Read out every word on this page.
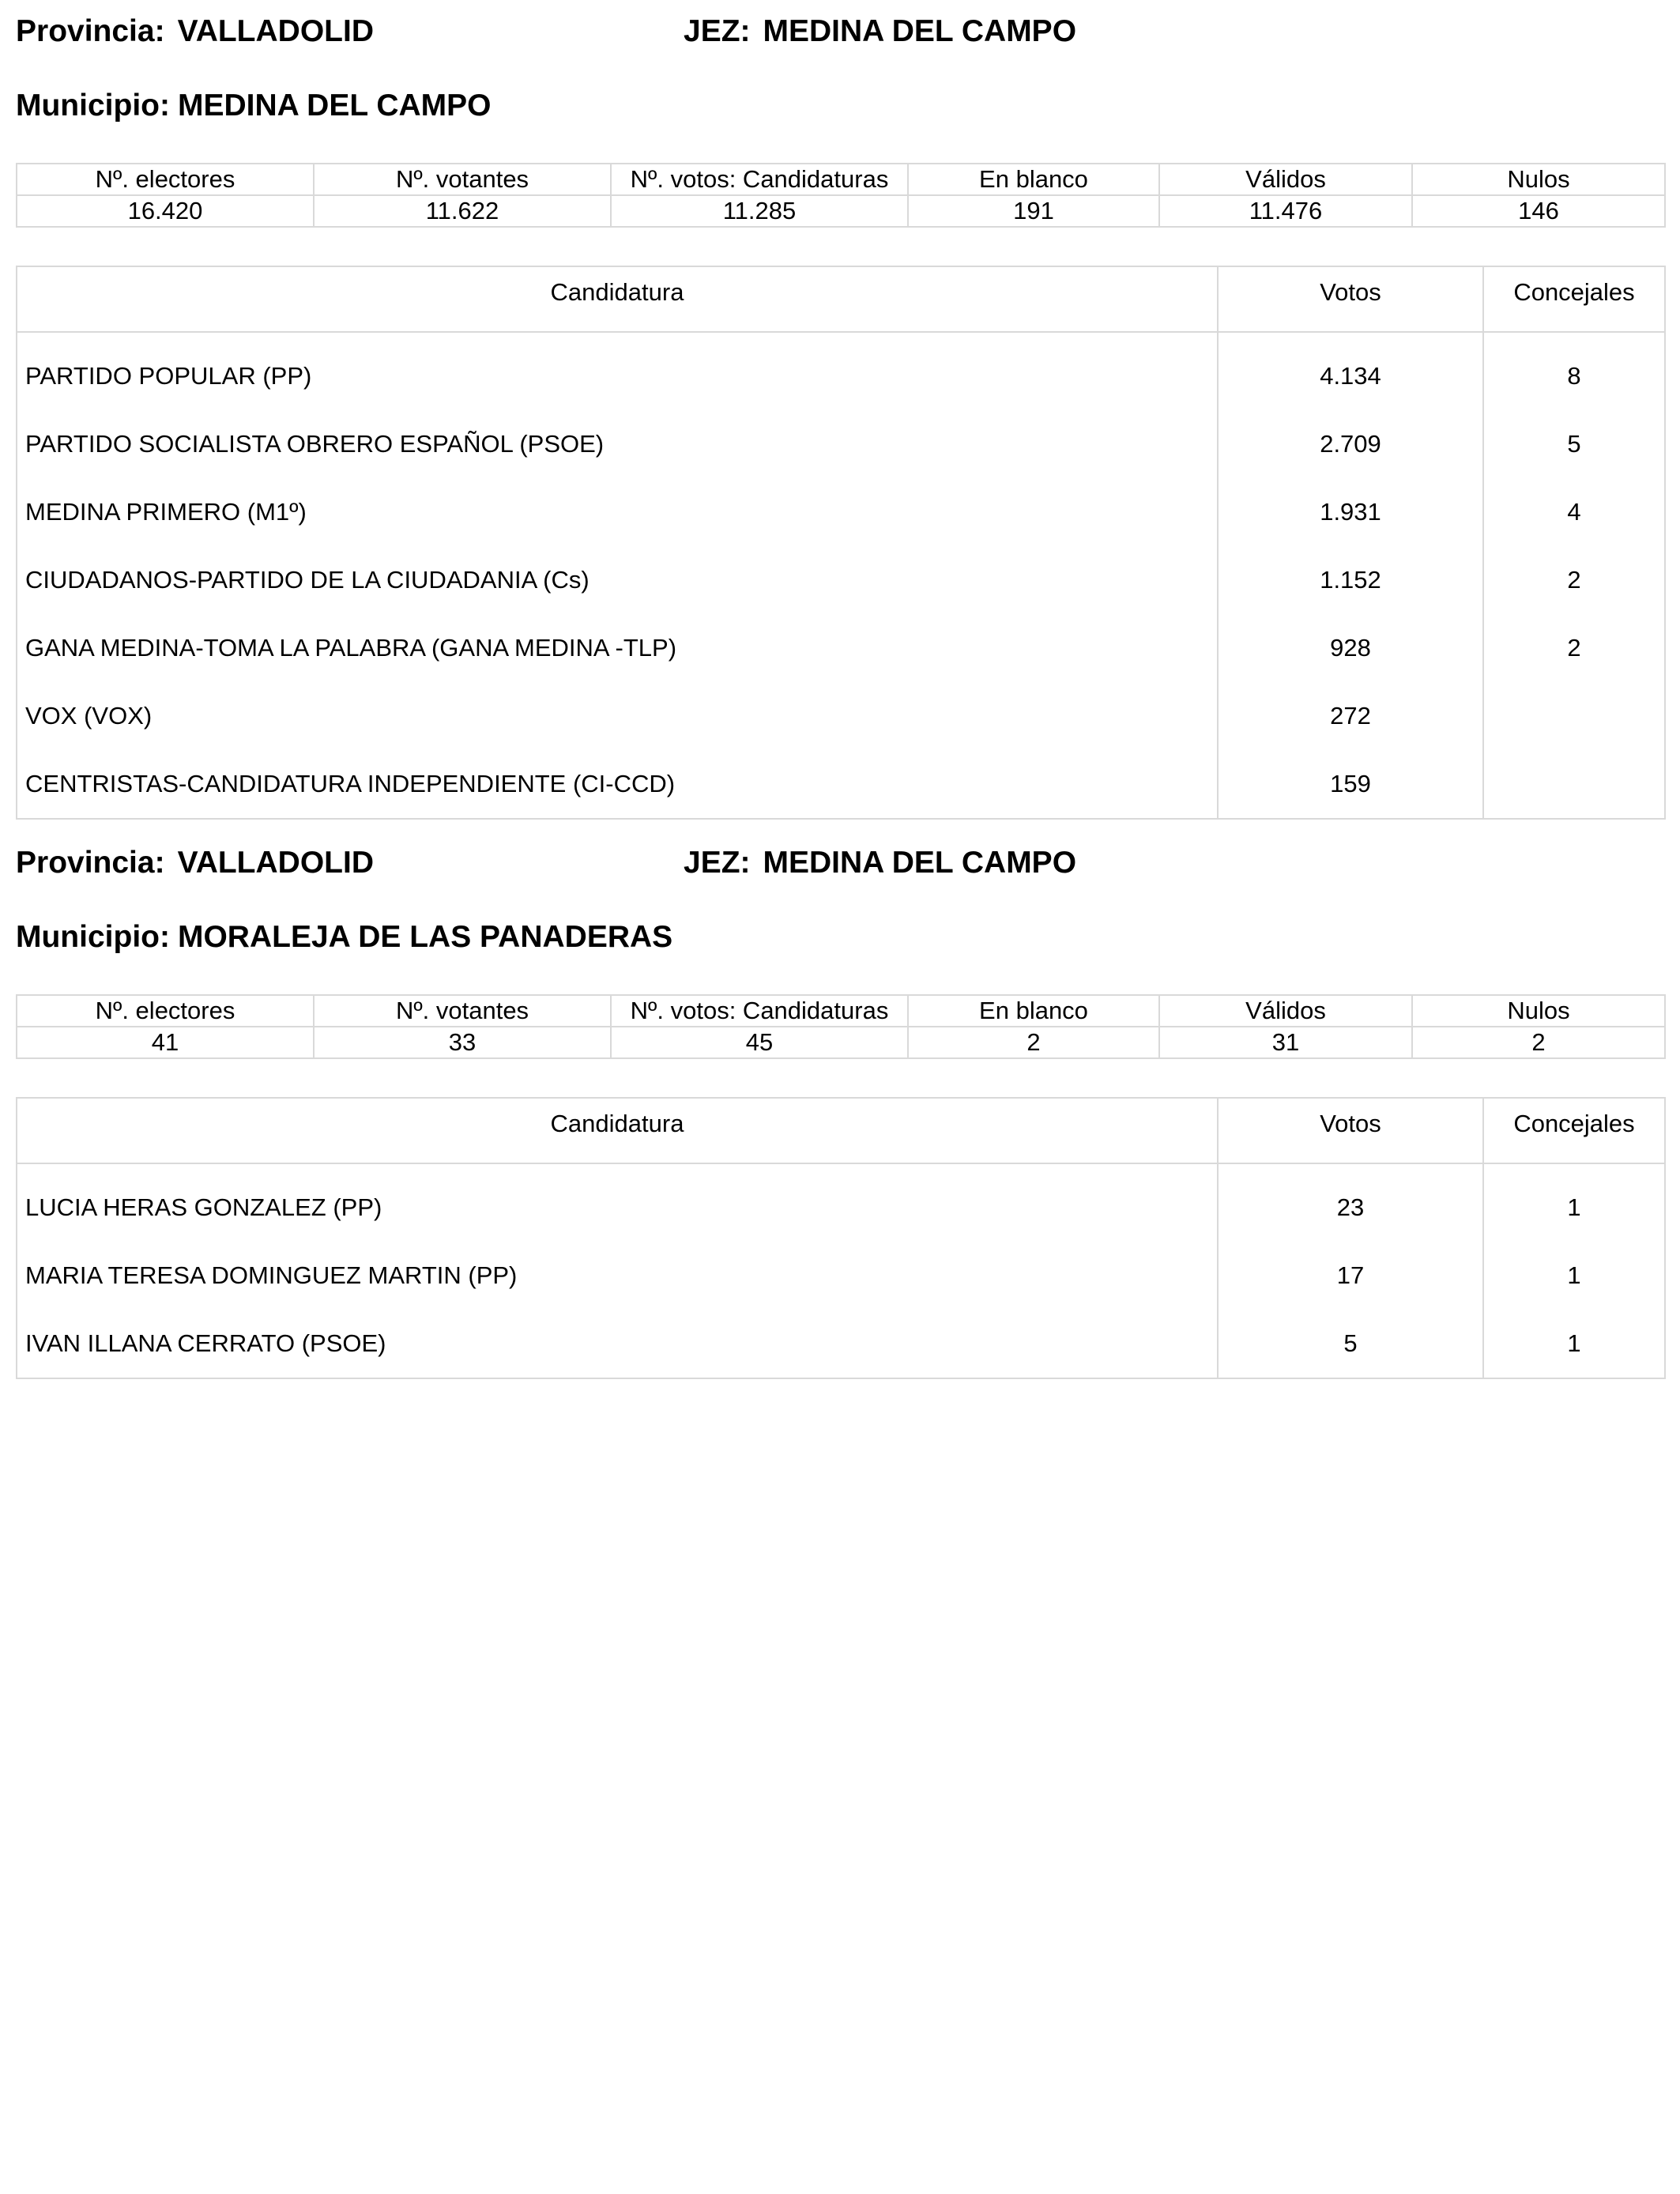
Provincia: VALLADOLID	JEZ: MEDINA DEL CAMPO
Municipio: MEDINA DEL CAMPO
Nº. electores	Nº. votantes	Nº. votos: Candidaturas	En blanco	Válidos	Nulos
16.420	11.622	11.285	191	11.476	146
Candidatura	Votos	Concejales

PARTIDO POPULAR (PP)	4.134	8
PARTIDO SOCIALISTA OBRERO ESPAÑOL (PSOE)	2.709	5
MEDINA PRIMERO (M1º)	1.931	4
CIUDADANOS-PARTIDO DE LA CIUDADANIA (Cs)	1.152	2
GANA MEDINA-TOMA LA PALABRA (GANA MEDINA -TLP)	928	2
VOX (VOX)	272	
CENTRISTAS-CANDIDATURA INDEPENDIENTE (CI-CCD)	159	
Provincia: VALLADOLID	JEZ: MEDINA DEL CAMPO
Municipio: MORALEJA DE LAS PANADERAS
Nº. electores	Nº. votantes	Nº. votos: Candidaturas	En blanco	Válidos	Nulos
41	33	45	2	31	2
Candidatura	Votos	Concejales

LUCIA HERAS GONZALEZ (PP)	23	1
MARIA TERESA DOMINGUEZ MARTIN (PP)	17	1
IVAN ILLANA CERRATO (PSOE)	5	1
